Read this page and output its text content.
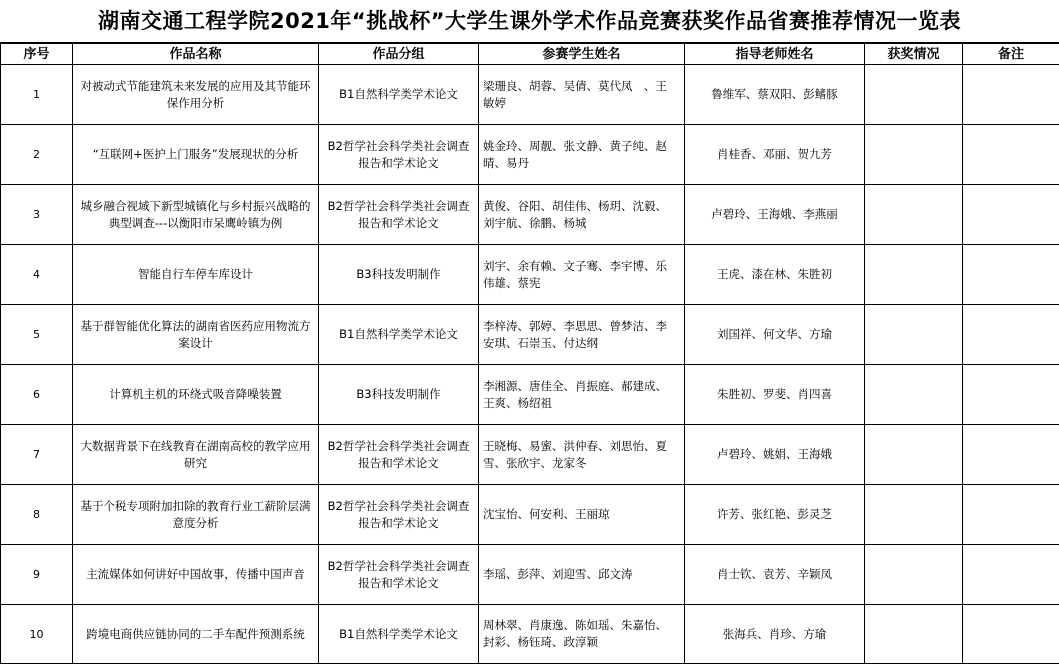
湖南交通工程学院2021年“挑战杯”大学生课外学术作品竞赛获奖作品省赛推荐情况一览表
序号	作品名称	作品分组	参赛学生姓名	指导老师姓名	获奖情况	备注
1	对被动式节能建筑未来发展的应用及其节能环保作用分析	B1自然科学类学术论文	梁珊良、胡蓉、吴倩、莫代凤　、王敏婷	鲁维军、蔡双阳、彭鳍豚		
2	“互联网+医护上门服务”发展现状的分析	B2哲学社会科学类社会调查报告和学术论文	姚金玲、周靓、张文静、黄子纯、赵晴、易丹	肖桂香、邓丽、贺九芳		
3	城乡融合视域下新型城镇化与乡村振兴战略的典型调查---以衡阳市呆鹰岭镇为例	B2哲学社会科学类社会调查报告和学术论文	黄俊、谷阳、胡佳伟、杨玥、沈毅、刘宇航、徐鹏、杨城	卢碧玲、王海娥、李燕丽		
4	智能自行车停车库设计	B3科技发明制作	刘宇、余有赖、文子骞、李宇博、乐伟雄、蔡宪	王虎、漆在林、朱胜初		
5	基于群智能优化算法的湖南省医药应用物流方案设计	B1自然科学类学术论文	李梓涛、郭婷、李思思、曾梦洁、李安琪、石崇玉、付达纲	刘国祥、何文华、方瑜		
6	计算机主机的环绕式吸音降噪装置	B3科技发明制作	李湘源、唐佳全、肖振庭、郝建成、王爽、杨绍祖	朱胜初、罗斐、肖四喜		
7	大数据背景下在线教育在湖南高校的教学应用研究	B2哲学社会科学类社会调查报告和学术论文	王晓梅、易蜜、洪仲春、刘思怡、夏雪、张欣宇、龙家冬	卢碧玲、姚娟、王海娥		
8	基于个税专项附加扣除的教育行业工薪阶层满意度分析	B2哲学社会科学类社会调查报告和学术论文	沈宝怡、何安利、王丽琼	许芳、张红艳、彭灵芝		
9	主流媒体如何讲好中国故事，传播中国声音	B2哲学社会科学类社会调查报告和学术论文	李瑶、彭萍、刘迎雪、邱文涛	肖士钦、袁芳、辛颖凤		
10	跨境电商供应链协同的二手车配件预测系统	B1自然科学类学术论文	周林翠、肖康逸、陈如瑶、朱嘉怡、封彩、杨钰琦、政淳颖	张海兵、肖珍、方瑜		
